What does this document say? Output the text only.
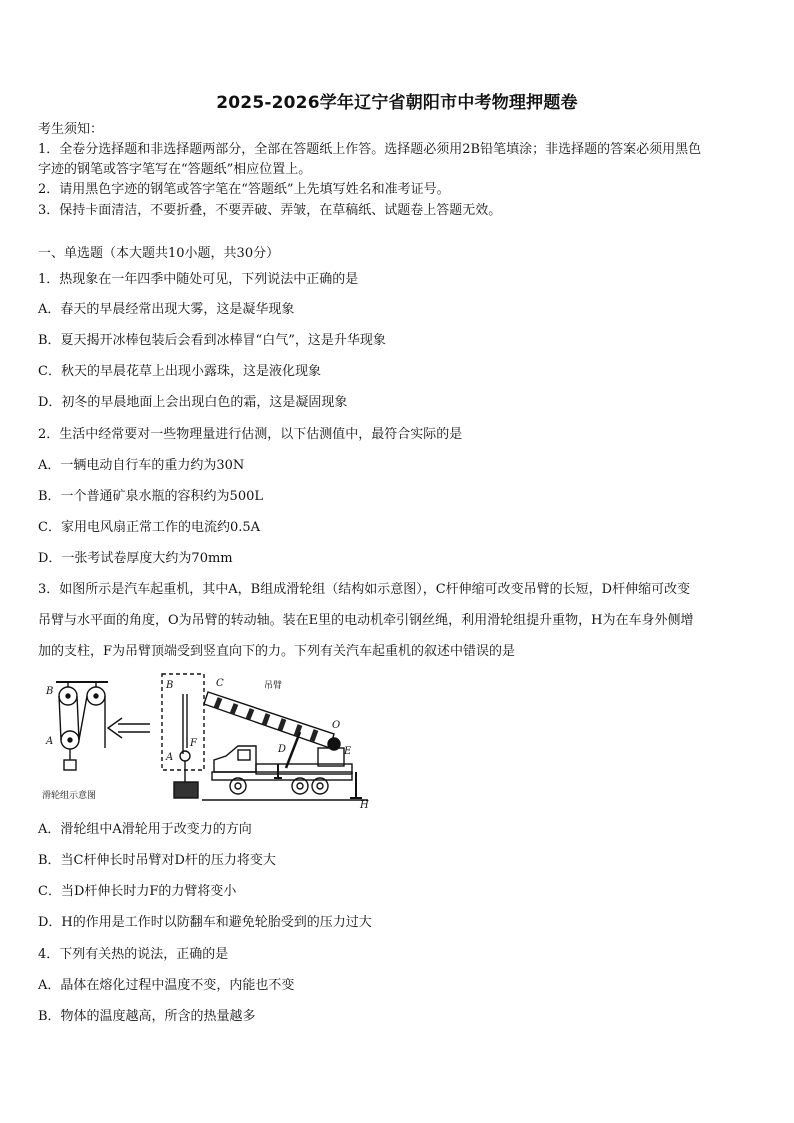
2025-2026学年辽宁省朝阳市中考物理押题卷
考生须知：
1．全卷分选择题和非选择题两部分，全部在答题纸上作答。选择题必须用2B铅笔填涂；非选择题的答案必须用黑色
字迹的钢笔或答字笔写在“答题纸”相应位置上。
2．请用黑色字迹的钢笔或答字笔在“答题纸”上先填写姓名和准考证号。
3．保持卡面清洁，不要折叠，不要弄破、弄皱，在草稿纸、试题卷上答题无效。
一、单选题（本大题共10小题，共30分）
1．热现象在一年四季中随处可见，下列说法中正确的是
A．春天的早晨经常出现大雾，这是凝华现象
B．夏天揭开冰棒包装后会看到冰棒冒“白气”，这是升华现象
C．秋天的早晨花草上出现小露珠，这是液化现象
D．初冬的早晨地面上会出现白色的霜，这是凝固现象
2．生活中经常要对一些物理量进行估测，以下估测值中，最符合实际的是
A．一辆电动自行车的重力约为30N
B．一个普通矿泉水瓶的容积约为500L
C．家用电风扇正常工作的电流约0.5A
D．一张考试卷厚度大约为70mm
3．如图所示是汽车起重机，其中A，B组成滑轮组（结构如示意图），C杆伸缩可改变吊臂的长短，D杆伸缩可改变
吊臂与水平面的角度，O为吊臂的转动轴。装在E里的电动机牵引钢丝绳，利用滑轮组提升重物，H为在车身外侧增
加的支柱，F为吊臂顶端受到竖直向下的力。下列有关汽车起重机的叙述中错误的是
B
A
B
A
F
C
O
E
D
H
吊臂
滑轮组示意图
A．滑轮组中A滑轮用于改变力的方向
B．当C杆伸长时吊臂对D杆的压力将变大
C．当D杆伸长时力F的力臂将变小
D．H的作用是工作时以防翻车和避免轮胎受到的压力过大
4．下列有关热的说法，正确的是
A．晶体在熔化过程中温度不变，内能也不变
B．物体的温度越高，所含的热量越多
